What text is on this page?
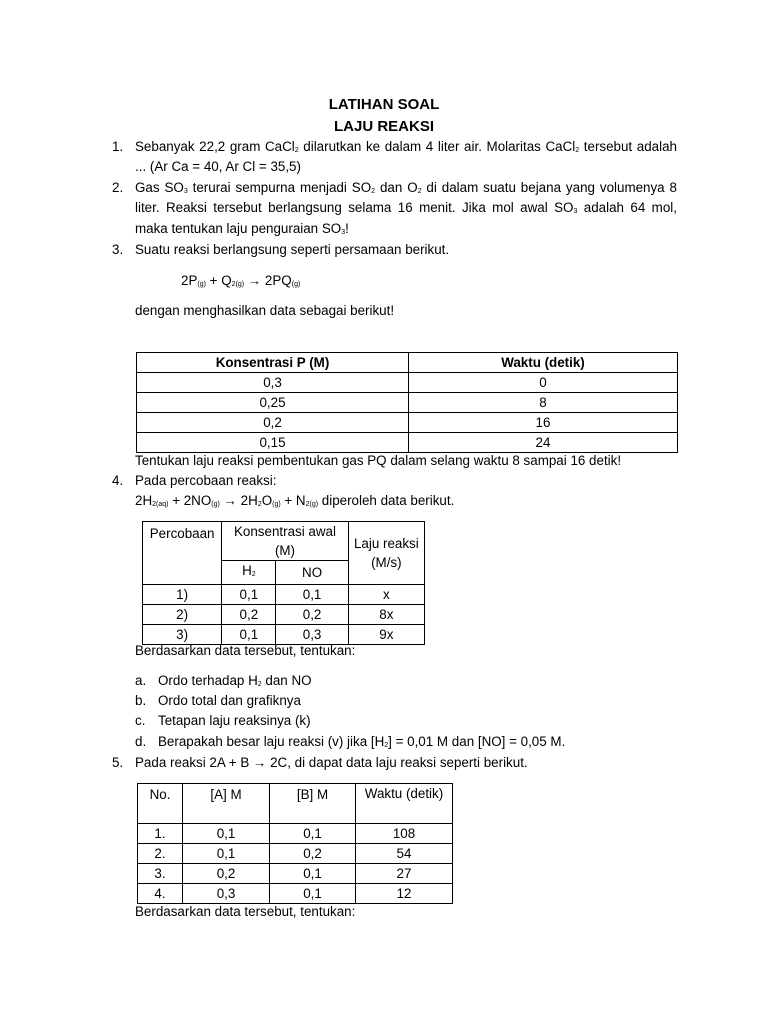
LATIHAN SOAL
LAJU REAKSI
1. Sebanyak 22,2 gram CaCl2 dilarutkan ke dalam 4 liter air. Molaritas CaCl2 tersebut adalah
... (Ar Ca = 40, Ar Cl = 35,5)
2. Gas SO3 terurai sempurna menjadi SO2 dan O2 di dalam suatu bejana yang volumenya 8
liter. Reaksi tersebut berlangsung selama 16 menit. Jika mol awal SO3 adalah 64 mol,
maka tentukan laju penguraian SO3!
3. Suatu reaksi berlangsung seperti persamaan berikut.
2P(g) + Q2(g) → 2PQ(g)
dengan menghasilkan data sebagai berikut!
Konsentrasi P (M)	Waktu (detik)
0,3	0
0,25	8
0,2	16
0,15	24
Tentukan laju reaksi pembentukan gas PQ dalam selang waktu 8 sampai 16 detik!
4. Pada percobaan reaksi:
2H2(aq) + 2NO(g) → 2H2O(g) + N2(g) diperoleh data berikut.
Percobaan	Konsentrasi awal (M)		Laju reaksi (M/s)

	H2	NO	
1)	0,1	0,1	x
2)	0,2	0,2	8x
3)	0,1	0,3	9x
Berdasarkan data tersebut, tentukan:
a. Ordo terhadap H2 dan NO
b. Ordo total dan grafiknya
c. Tetapan laju reaksinya (k)
d. Berapakah besar laju reaksi (v) jika [H2] = 0,01 M dan [NO] = 0,05 M.
5. Pada reaksi 2A + B → 2C, di dapat data laju reaksi seperti berikut.
No.	[A] M	[B] M	Waktu (detik)
1.	0,1	0,1	108
2.	0,1	0,2	54
3.	0,2	0,1	27
4.	0,3	0,1	12
Berdasarkan data tersebut, tentukan:
